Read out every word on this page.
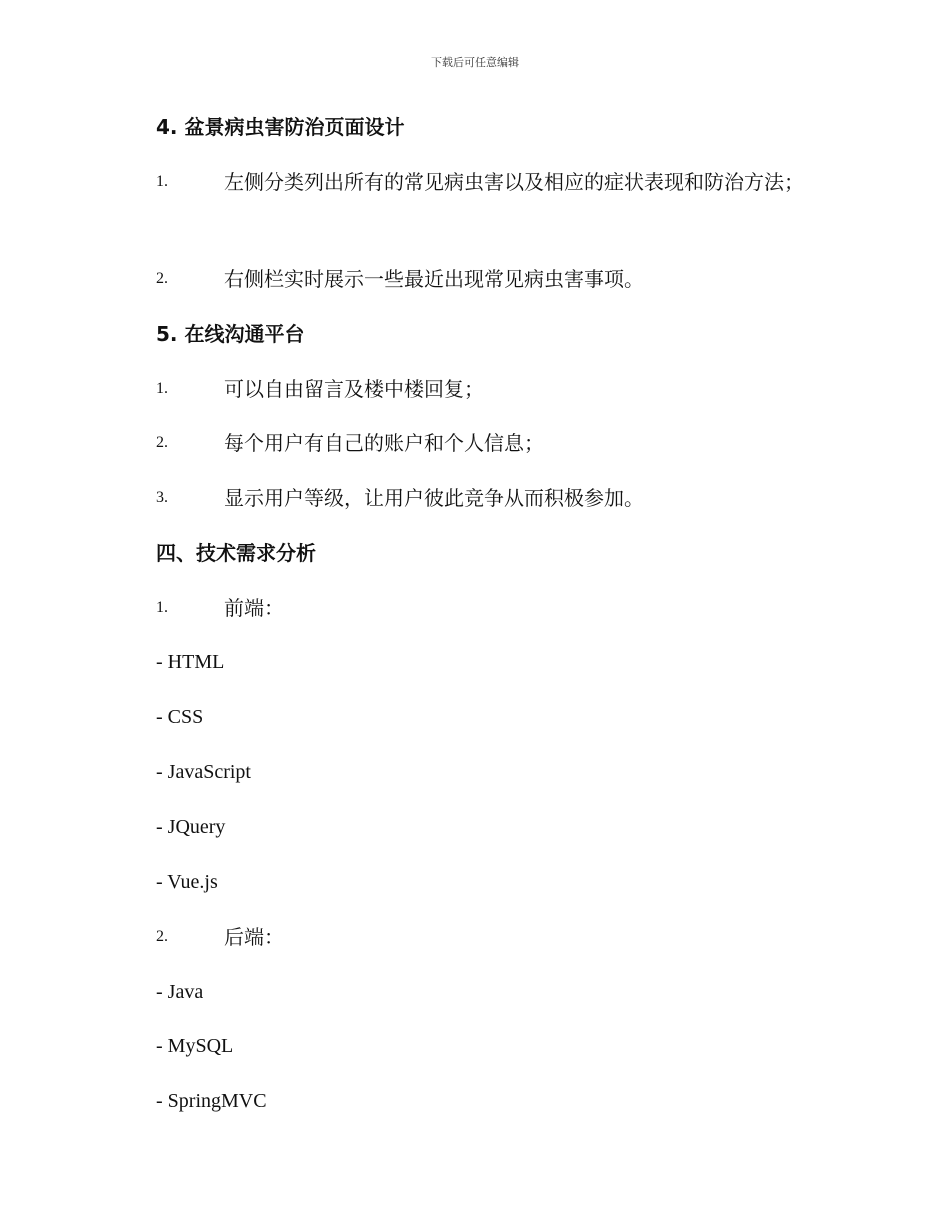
下载后可任意编辑
4. 盆景病虫害防治页面设计
1.	左侧分类列出所有的常见病虫害以及相应的症状表现和防治方法；
2.	右侧栏实时展示一些最近出现常见病虫害事项。
5. 在线沟通平台
1.	可以自由留言及楼中楼回复；
2.	每个用户有自己的账户和个人信息；
3.	显示用户等级，让用户彼此竞争从而积极参加。
四、技术需求分析
1.	前端：
- HTML
- CSS
- JavaScript
- JQuery
- Vue.js
2.	后端：
- Java
- MySQL
- SpringMVC
